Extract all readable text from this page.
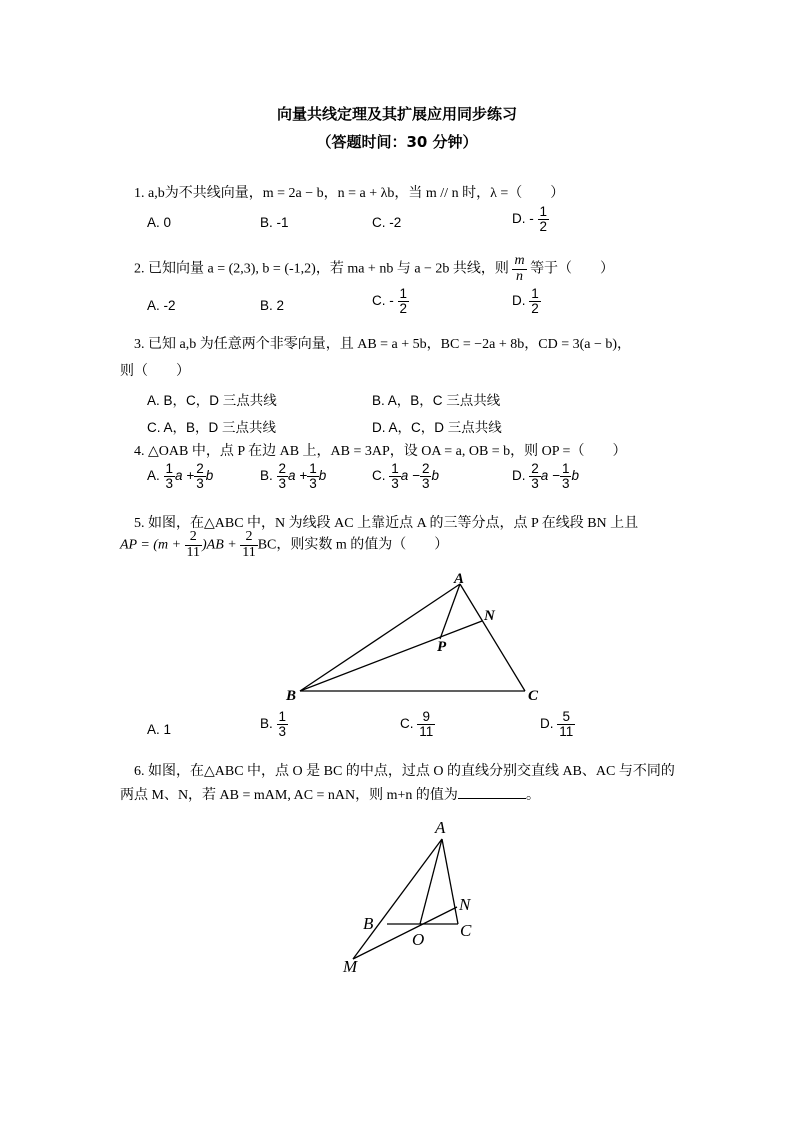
向量共线定理及其扩展应用同步练习
（答题时间：30 分钟）
1. a,b为不共线向量，m = 2a − b，n = a + λb，当 m // n 时，λ =（　　）
A. 0	B. -1	C. -2	D. - $\frac{1}{2}$
2. 已知向量 a = (2,3), b = (-1,2)，若 ma + nb 与 a − 2b 共线，则 $\frac{m}{n}$ 等于（　　）
A. -2	B. 2	C. - $\frac{1}{2}$	D. $\frac{1}{2}$
3. 已知 a,b 为任意两个非零向量，且 AB = a + 5b，BC = −2a + 8b，CD = 3(a − b)，
则（　　）
A. B，C，D 三点共线	B. A，B，C 三点共线
C. A，B，D 三点共线	D. A，C，D 三点共线
4. △OAB 中，点 P 在边 AB 上，AB = 3AP，设 OA = a, OB = b，则 OP =（　　）
A. $\frac{1}{3}$ $a + \frac{2}{3}$ b	B. $\frac{2}{3}$ $a + \frac{1}{3}$ b	C. $\frac{1}{3}$ $a - \frac{2}{3}$ b	D. $\frac{2}{3}$ $a - \frac{1}{3}$ b
5. 如图，在△ABC 中，N 为线段 AC 上靠近点 A 的三等分点，点 P 在线段 BN 上且
AP = $(m + \frac{2}{11} )AB + \frac{2}{11}$ BC，则实数 m 的值为（　　）
A
B	C
N
P
A. 1	B. $\frac{1}{3}$	C. $\frac{9}{11}$	D. $\frac{5}{11}$
6. 如图，在△ABC 中，点 O 是 BC 的中点，过点 O 的直线分别交直线 AB、AC 与不同的
两点 M、N，若 AB = mAM, AC = nAN，则 m+n 的值为	。
A
B	C
N
O
M
